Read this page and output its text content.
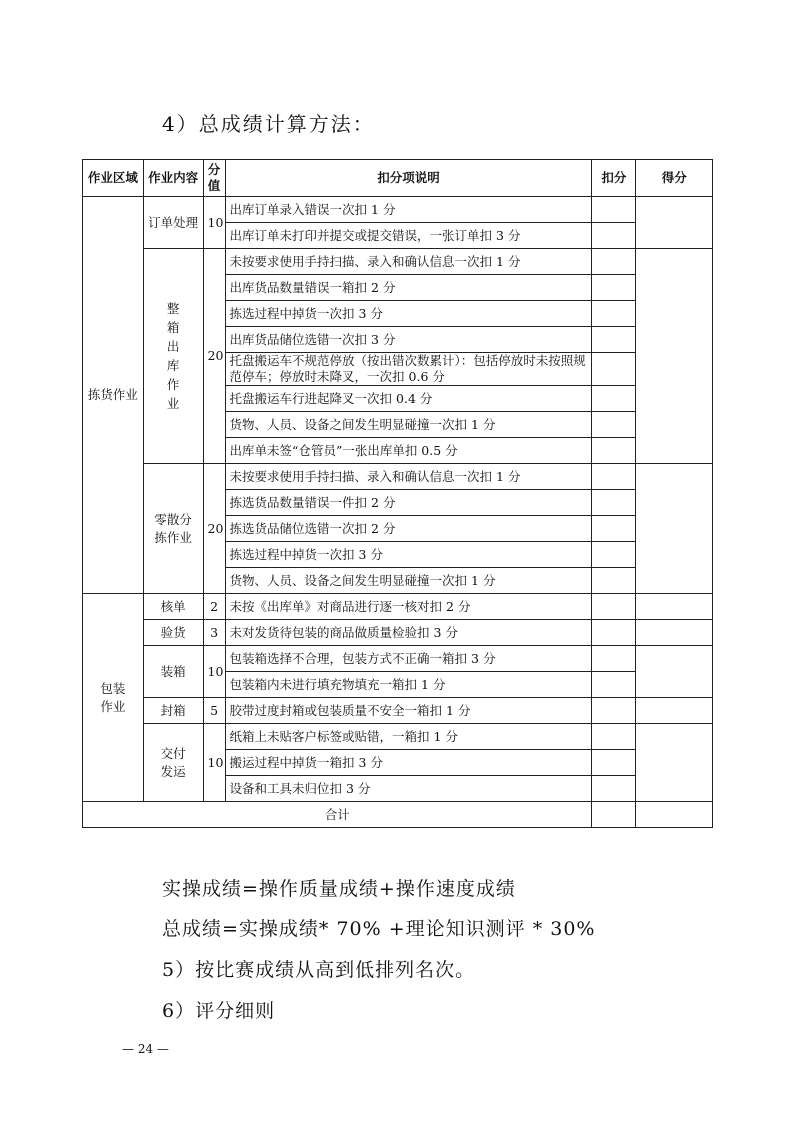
4）总成绩计算方法：
作业区域	作业内容	分值	扣分项说明	扣分	得分
拣货作业	订单处理	10	出库订单录入错误一次扣 1 分		
			出库订单未打印并提交或提交错误，一张订单扣 3 分		
	整箱出库作业	20	未按要求使用手持扫描、录入和确认信息一次扣 1 分		
			出库货品数量错误一箱扣 2 分		
			拣选过程中掉货一次扣 3 分		
			出库货品储位选错一次扣 3 分		
			托盘搬运车不规范停放（按出错次数累计）：包括停放时未按照规范停车；停放时未降叉，一次扣 0.6 分		
			托盘搬运车行进起降叉一次扣 0.4 分		
			货物、人员、设备之间发生明显碰撞一次扣 1 分		
			出库单未签“仓管员”一张出库单扣 0.5 分		
	零散分拣作业	20	未按要求使用手持扫描、录入和确认信息一次扣 1 分		
			拣选货品数量错误一件扣 2 分		
			拣选货品储位选错一次扣 2 分		
			拣选过程中掉货一次扣 3 分		
			货物、人员、设备之间发生明显碰撞一次扣 1 分		
包装作业	核单	2	未按《出库单》对商品进行逐一核对扣 2 分		
	验货	3	未对发货待包装的商品做质量检验扣 3 分		
	装箱	10	包装箱选择不合理，包装方式不正确一箱扣 3 分		
			包装箱内未进行填充物填充一箱扣 1 分		
	封箱	5	胶带过度封箱或包装质量不安全一箱扣 1 分		
	交付发运	10	纸箱上未贴客户标签或贴错，一箱扣 1 分		
			搬运过程中掉货一箱扣 3 分		
			设备和工具未归位扣 3 分		
合计					
实操成绩=操作质量成绩+操作速度成绩
总成绩=实操成绩* 70% +理论知识测评 * 30%
5）按比赛成绩从高到低排列名次。
6）评分细则
— 24 —
